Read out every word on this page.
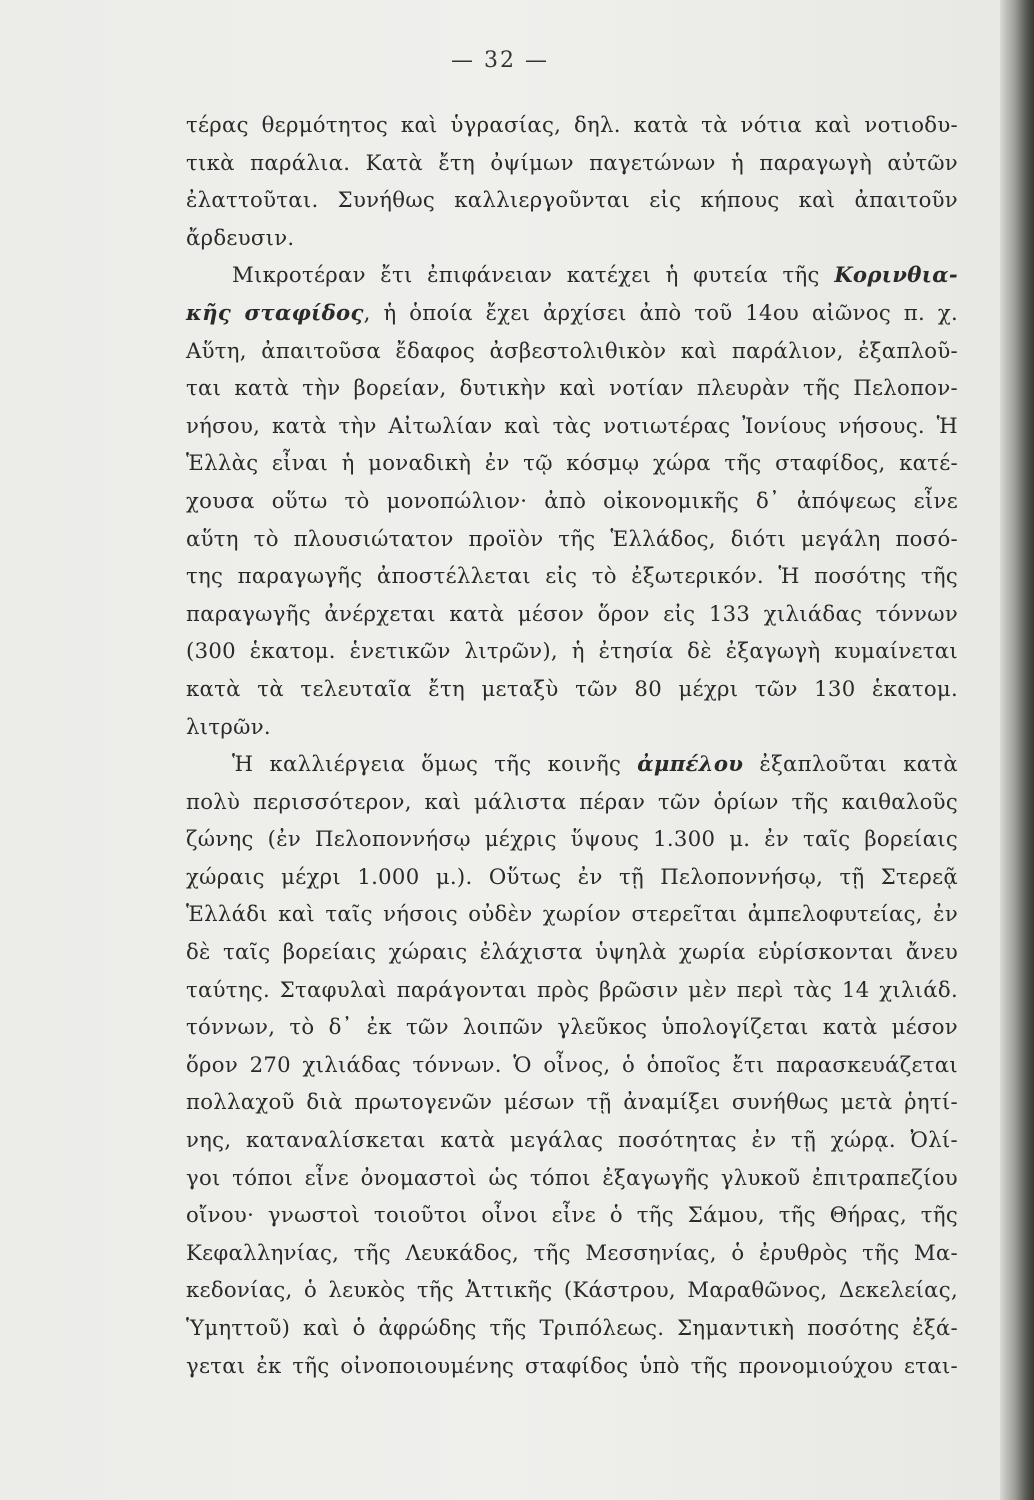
— 32 —
τέρας θερμότητος καὶ ὑγρασίας, δηλ. κατὰ τὰ νότια καὶ νοτιοδυ-
τικὰ παράλια. Κατὰ ἔτη ὀψίμων παγετώνων ἡ παραγωγὴ αὐτῶν
ἐλαττοῦται. Συνήθως καλλιεργοῦνται εἰς κήπους καὶ ἀπαιτοῦν
ἄρδευσιν.
Μικροτέραν ἔτι ἐπιφάνειαν κατέχει ἡ φυτεία τῆς Κορινθια-
κῆς σταφίδος, ἡ ὁποία ἔχει ἀρχίσει ἀπὸ τοῦ 14ου αἰῶνος π. χ.
Αὕτη, ἀπαιτοῦσα ἔδαφος ἀσβεστολιθικὸν καὶ παράλιον, ἐξαπλοῦ-
ται κατὰ τὴν βορείαν, δυτικὴν καὶ νοτίαν πλευρὰν τῆς Πελοπον-
νήσου, κατὰ τὴν Αἰτωλίαν καὶ τὰς νοτιωτέρας Ἰονίους νήσους. Ἡ
Ἑλλὰς εἶναι ἡ μοναδικὴ ἐν τῷ κόσμῳ χώρα τῆς σταφίδος, κατέ-
χουσα οὕτω τὸ μονοπώλιον· ἀπὸ οἰκονομικῆς δ᾽ ἀπόψεως εἶνε
αὕτη τὸ πλουσιώτατον προϊὸν τῆς Ἑλλάδος, διότι μεγάλη ποσό-
της παραγωγῆς ἀποστέλλεται εἰς τὸ ἐξωτερικόν. Ἡ ποσότης τῆς
παραγωγῆς ἀνέρχεται κατὰ μέσον ὅρον εἰς 133 χιλιάδας τόννων
(300 ἑκατομ. ἑνετικῶν λιτρῶν), ἡ ἐτησία δὲ ἐξαγωγὴ κυμαίνεται
κατὰ τὰ τελευταῖα ἔτη μεταξὺ τῶν 80 μέχρι τῶν 130 ἑκατομ.
λιτρῶν.
Ἡ καλλιέργεια ὅμως τῆς κοινῆς ἀμπέλου ἐξαπλοῦται κατὰ
πολὺ περισσότερον, καὶ μάλιστα πέραν τῶν ὁρίων τῆς καιθαλοῦς
ζώνης (ἐν Πελοποννήσῳ μέχρις ὕψους 1.300 μ. ἐν ταῖς βορείαις
χώραις μέχρι 1.000 μ.). Οὕτως ἐν τῇ Πελοποννήσῳ, τῇ Στερεᾷ
Ἑλλάδι καὶ ταῖς νήσοις οὐδὲν χωρίον στερεῖται ἀμπελοφυτείας, ἐν
δὲ ταῖς βορείαις χώραις ἐλάχιστα ὑψηλὰ χωρία εὑρίσκονται ἄνευ
ταύτης. Σταφυλαὶ παράγονται πρὸς βρῶσιν μὲν περὶ τὰς 14 χιλιάδ.
τόννων, τὸ δ᾽ ἐκ τῶν λοιπῶν γλεῦκος ὑπολογίζεται κατὰ μέσον
ὅρον 270 χιλιάδας τόννων. Ὁ οἶνος, ὁ ὁποῖος ἔτι παρασκευάζεται
πολλαχοῦ διὰ πρωτογενῶν μέσων τῇ ἀναμίξει συνήθως μετὰ ῥητί-
νης, καταναλίσκεται κατὰ μεγάλας ποσότητας ἐν τῇ χώρᾳ. Ὀλί-
γοι τόποι εἶνε ὀνομαστοὶ ὡς τόποι ἐξαγωγῆς γλυκοῦ ἐπιτραπεζίου
οἴνου· γνωστοὶ τοιοῦτοι οἶνοι εἶνε ὁ τῆς Σάμου, τῆς Θήρας, τῆς
Κεφαλληνίας, τῆς Λευκάδος, τῆς Μεσσηνίας, ὁ ἐρυθρὸς τῆς Μα-
κεδονίας, ὁ λευκὸς τῆς Ἀττικῆς (Κάστρου, Μαραθῶνος, Δεκελείας,
Ὑμηττοῦ) καὶ ὁ ἀφρώδης τῆς Τριπόλεως. Σημαντικὴ ποσότης ἐξά-
γεται ἐκ τῆς οἰνοποιουμένης σταφίδος ὑπὸ τῆς προνομιούχου εται-
